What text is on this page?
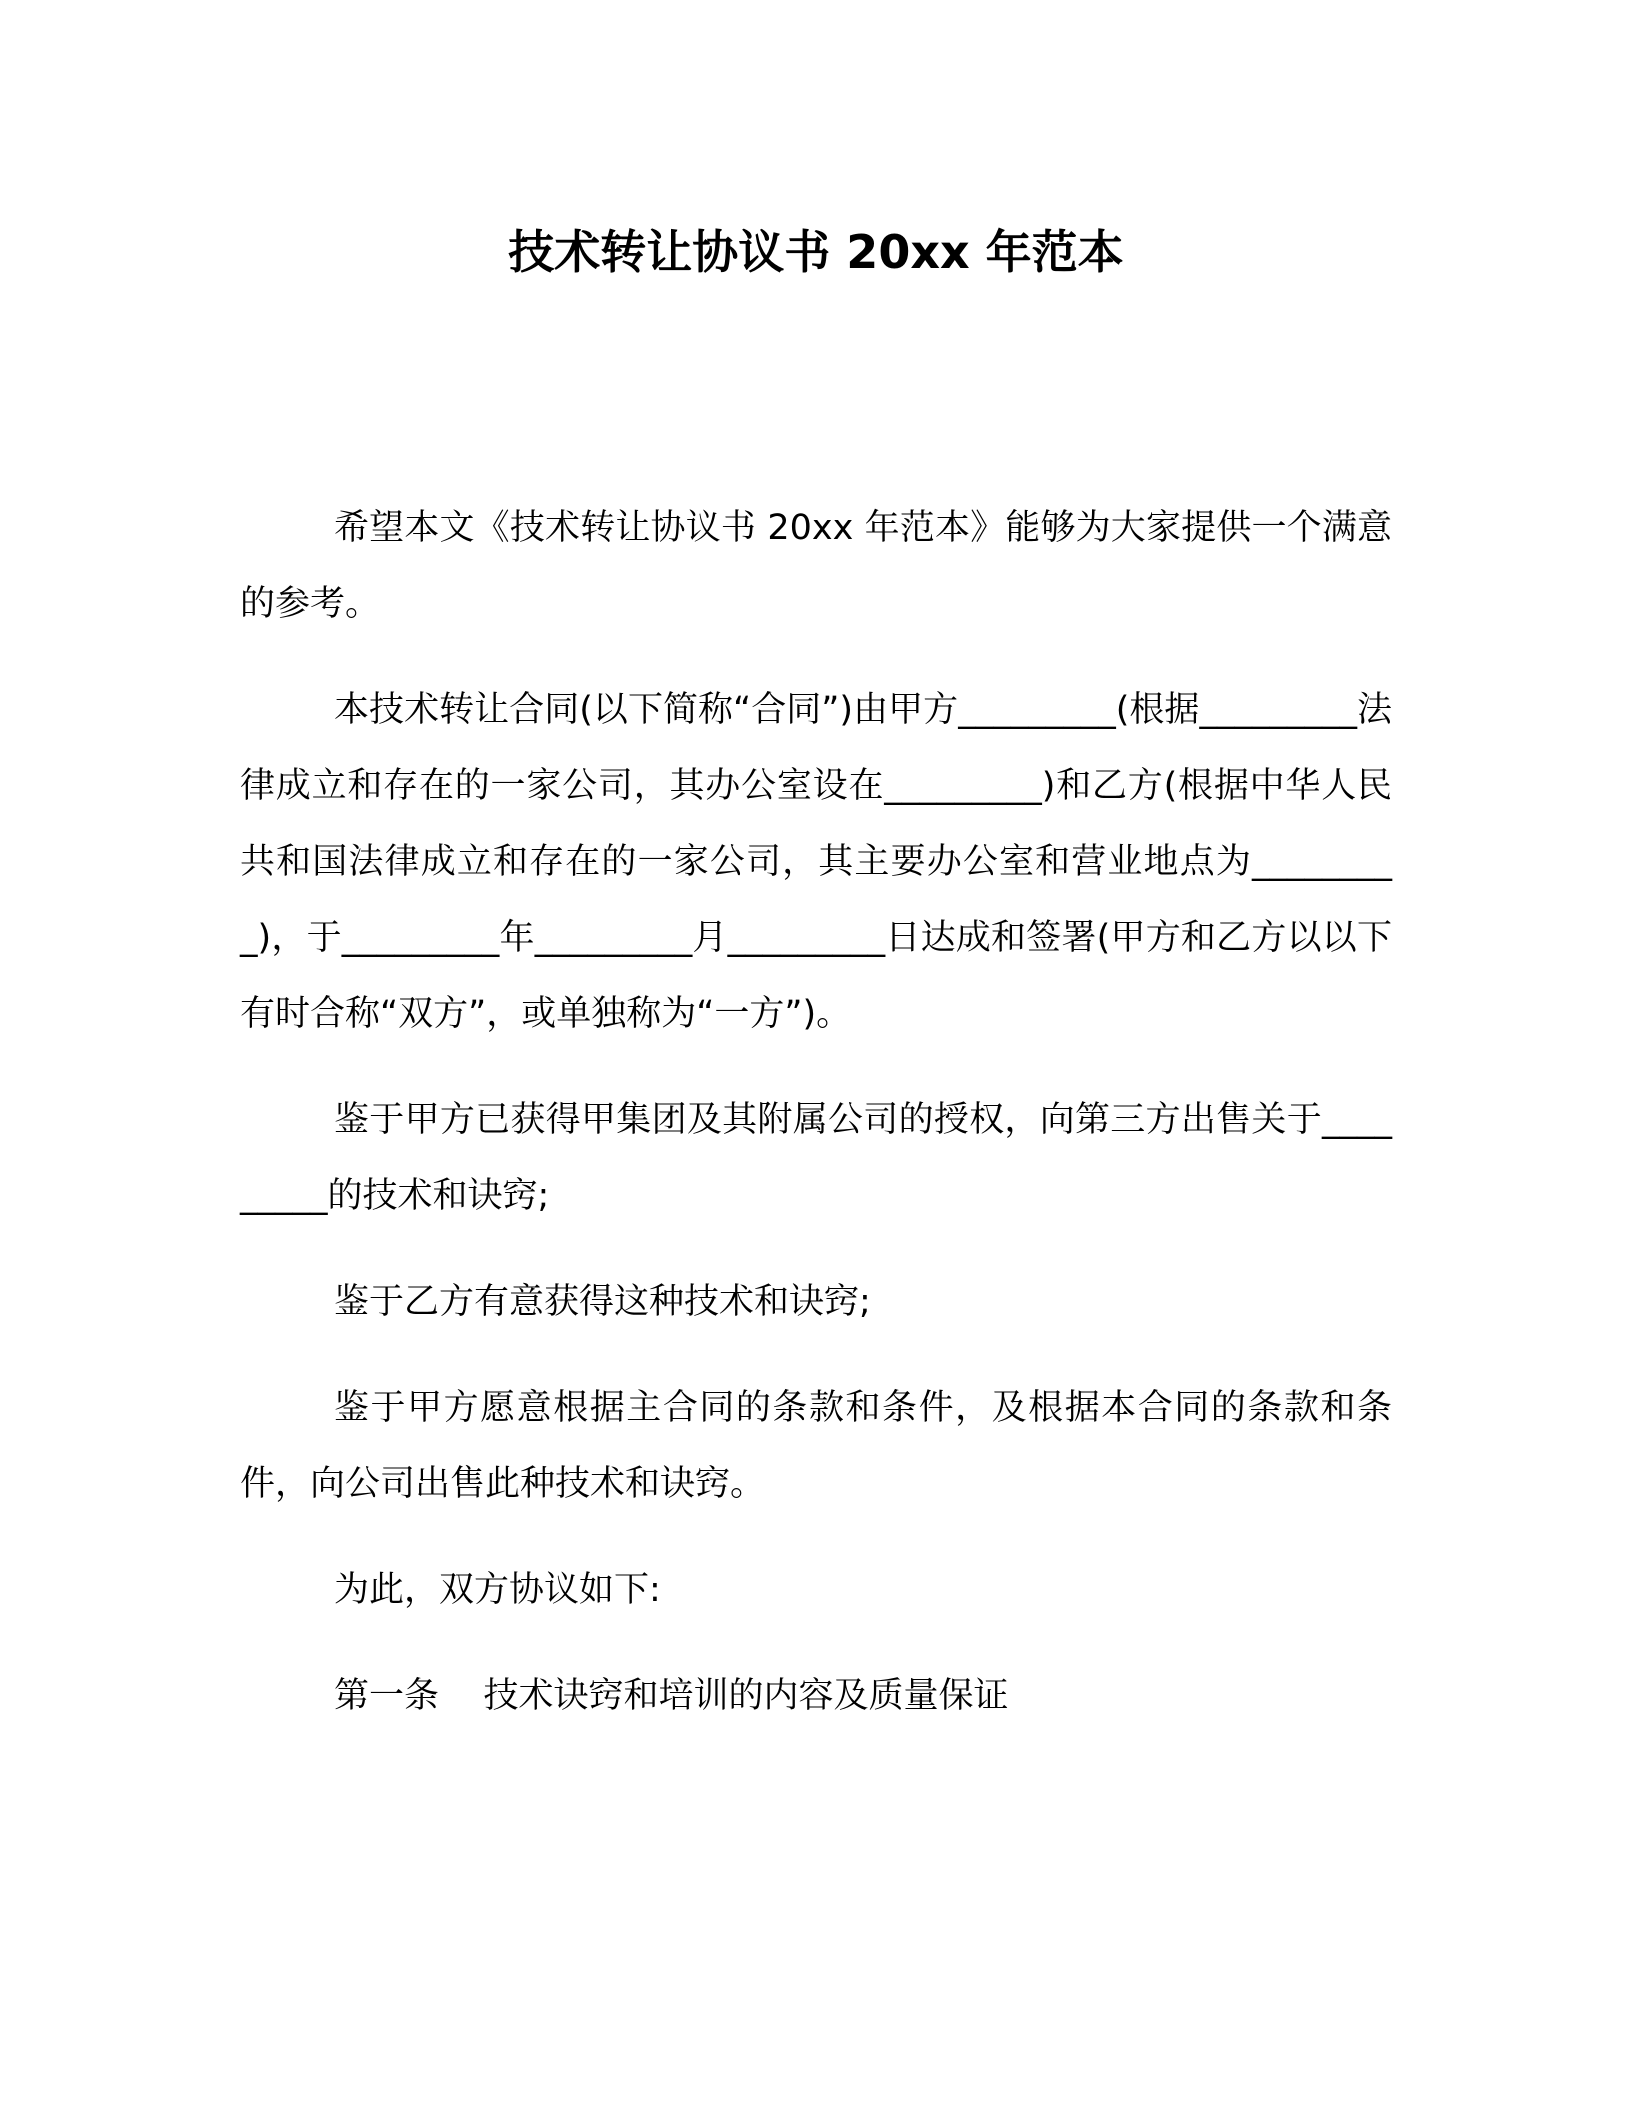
技术转让协议书 20xx 年范本

希望本文《技术转让协议书 20xx 年范本》能够为大家提供一个满意的参考。

本技术转让合同(以下简称“合同”)由甲方_________(根据_________法律成立和存在的一家公司，其办公室设在_________)和乙方(根据中华人民共和国法律成立和存在的一家公司，其主要办公室和营业地点为_________)，于_________年_________月_________日达成和签署(甲方和乙方以以下有时合称“双方”，或单独称为“一方”)。

鉴于甲方已获得甲集团及其附属公司的授权，向第三方出售关于_________的技术和诀窍;

鉴于乙方有意获得这种技术和诀窍;

鉴于甲方愿意根据主合同的条款和条件，及根据本合同的条款和条件，向公司出售此种技术和诀窍。

为此，双方协议如下:

第一条    技术诀窍和培训的内容及质量保证
